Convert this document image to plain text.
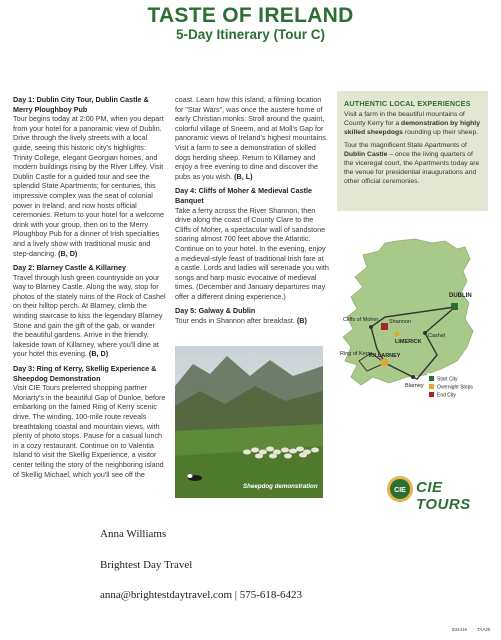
TASTE OF IRELAND
5-Day Itinerary (Tour C)
Day 1: Dublin City Tour, Dublin Castle & Merry Ploughboy Pub
Tour begins today at 2:00 PM, when you depart from your hotel for a panoramic view of Dublin. Drive through the lively streets with a local guide, seeing this historic city's highlights: Trinity College, elegant Georgian homes, and modern buildings rising by the River Liffey. Visit Dublin Castle for a guided tour and see the splendid State Apartments; for centuries, this impressive complex was the seat of colonial power in Ireland, and now hosts official ceremonies. Return to your hotel for a welcome drink with your group, then on to the Merry Ploughboy Pub for a dinner of Irish specialties and a lively show with traditional music and step-dancing. (B, D)
Day 2: Blarney Castle & Killarney
Travel through lush green countryside on your way to Blarney Castle. Along the way, stop for photos of the stately ruins of the Rock of Cashel on their hilltop perch. At Blarney, climb the winding staircase to kiss the legendary Blarney Stone and gain the gift of the gab, or wander the beautiful gardens. Arrive in the friendly, lakeside town of Killarney, where you'll dine at your hotel this evening. (B, D)
Day 3: Ring of Kerry, Skellig Experience & Sheepdog Demonstration
Visit CIE Tours preferred shopping partner Moriarty's in the beautiful Gap of Dunloe, before embarking on the famed Ring of Kerry scenic drive. The winding, 100-mile route reveals breathtaking coastal and mountain views, with plenty of photo stops. Pause for a casual lunch in a cozy restaurant. Continue on to Valentia Island to visit the Skellig Experience, a visitor center telling the story of the neighboring island of Skellig Michael, which you'll see off the
coast. Learn how this island, a filming location for "Star Wars", was once the austere home of early Christian monks. Stroll around the quaint, colorful village of Sneem, and at Moll's Gap for panoramic views of Ireland's highest mountains. Visit a farm to see a demonstration of skilled dogs herding sheep. Return to Killarney and enjoy a free evening to dine and discover the pubs as you wish. (B, L)
Day 4: Cliffs of Moher & Medieval Castle Banquet
Take a ferry across the River Shannon, then drive along the coast of County Clare to the Cliffs of Moher, a spectacular wall of sandstone soaring almost 700 feet above the Atlantic. Continue on to your hotel. In the evening, enjoy a medieval-style feast of traditional Irish fare at a castle. Lords and ladies will serenade you with songs and harp music evocative of medieval times. (December and January departures may offer a different dining experience.)
Day 5: Galway & Dublin
Tour ends in Shannon after breakfast. (B)
Sheepdog demonstration
AUTHENTIC LOCAL EXPERIENCES
Visit a farm in the beautiful mountains of County Kerry for a demonstration by highly skilled sheepdogs rounding up their sheep.
Tour the magnificent State Apartments of Dublin Castle – once the living quarters of the viceregal court, the Apartments today are the venue for presidential inaugurations and other official ceremonies.
DUBLIN
Cliffs of Moher Shannon
LIMERICK
Cashel
Ring of Kerry
KILLARNEY
Blarney
Start City
Overnight Stops
End City
CIE CIE TOURS
Anna Williams
Brightest Day Travel
anna@brightestdaytravel.com | 575-618-6423
634416 TAA25
